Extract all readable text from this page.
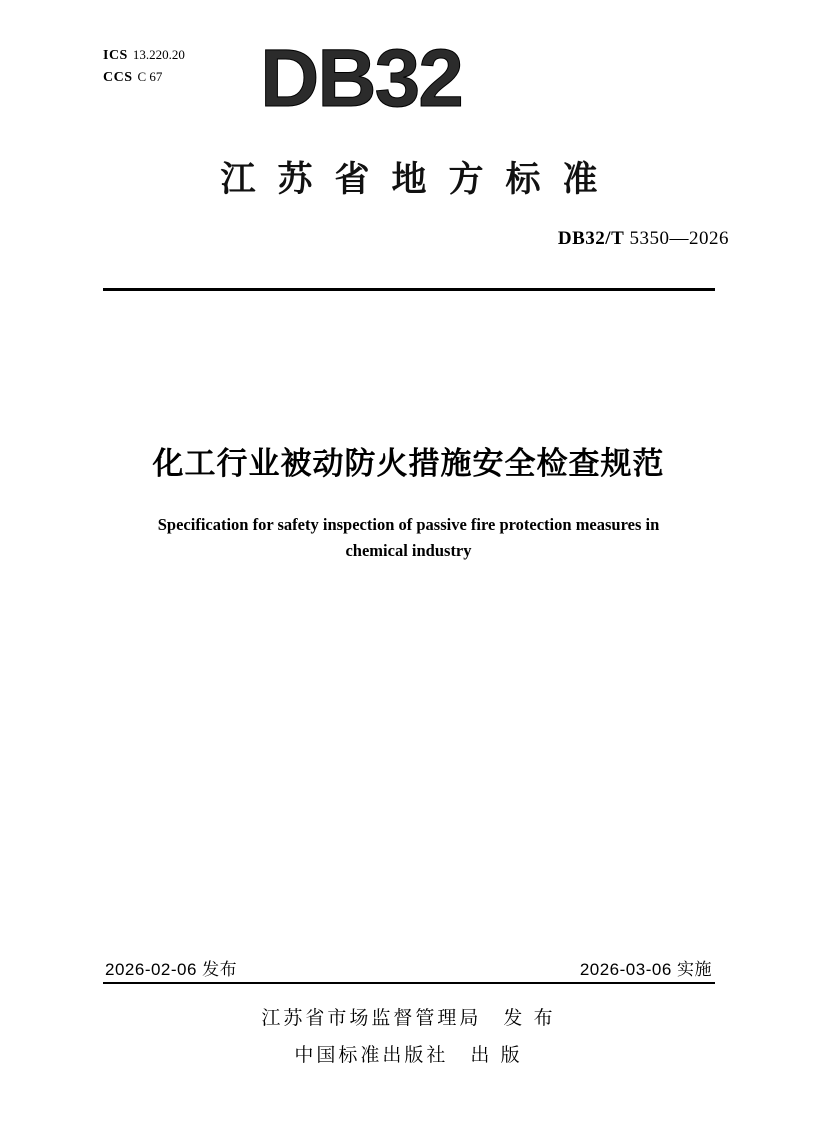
ICS 13.220.20
CCS C 67	DB32
江苏省地方标准
DB32/T 5350—2026
化工行业被动防火措施安全检查规范
Specification for safety inspection of passive fire protection measures in
chemical industry
2026-02-06 发布	2026-03-06 实施
江苏省市场监督管理局 发 布
中国标准出版社 出 版
